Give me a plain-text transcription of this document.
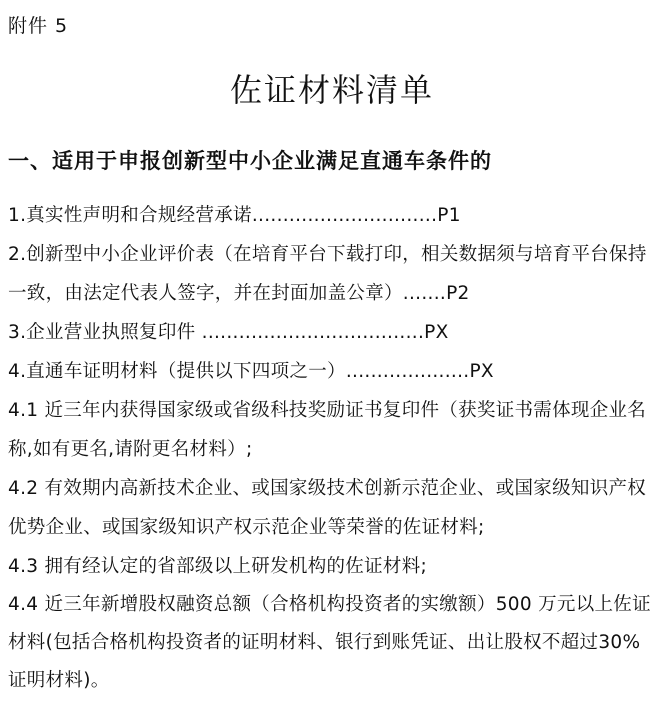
附件 5
佐证材料清单
一、适用于申报创新型中小企业满足直通车条件的

1.真实性声明和合规经营承诺..............................P1

2.创新型中小企业评价表（在培育平台下载打印，相关数据须与培育平台保持一致，由法定代表人签字，并在封面加盖公章）.......P2

3.企业营业执照复印件 ....................................PX

4.直通车证明材料（提供以下四项之一）....................PX

4.1 近三年内获得国家级或省级科技奖励证书复印件（获奖证书需体现企业名称,如有更名,请附更名材料）;

4.2 有效期内高新技术企业、或国家级技术创新示范企业、或国家级知识产权优势企业、或国家级知识产权示范企业等荣誉的佐证材料;

4.3 拥有经认定的省部级以上研发机构的佐证材料;

4.4 近三年新增股权融资总额（合格机构投资者的实缴额）500 万元以上佐证材料(包括合格机构投资者的证明材料、银行到账凭证、出让股权不超过30%证明材料)。
